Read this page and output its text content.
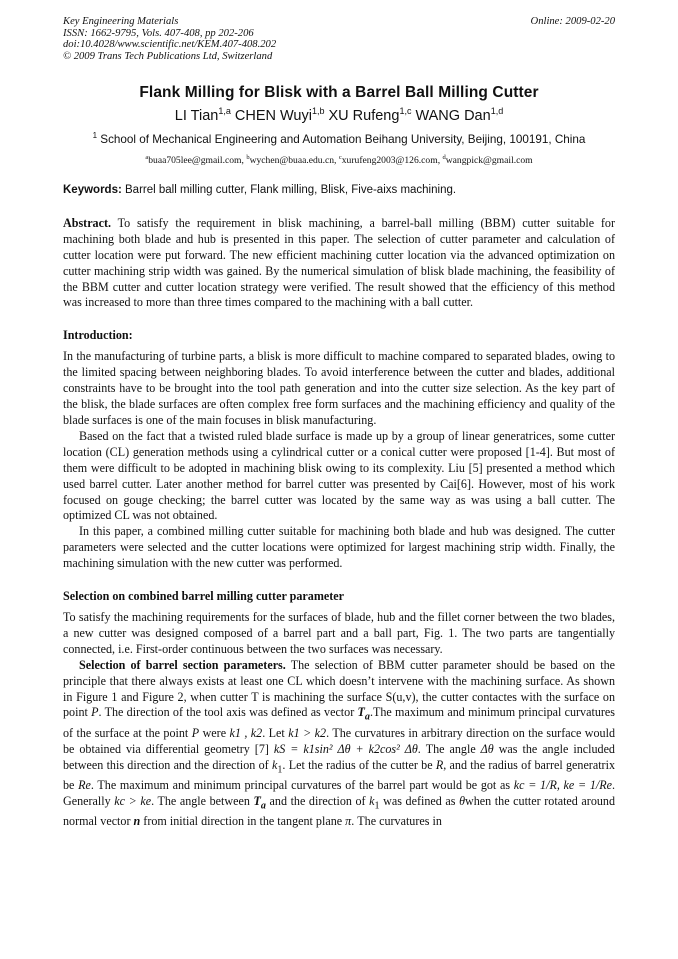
Key Engineering Materials
ISSN: 1662-9795, Vols. 407-408, pp 202-206
doi:10.4028/www.scientific.net/KEM.407-408.202
© 2009 Trans Tech Publications Ltd, Switzerland
Online: 2009-02-20
Flank Milling for Blisk with a Barrel Ball Milling Cutter
LI Tian$^{1,a}$ CHEN Wuyi$^{1,b}$ XU Rufeng$^{1,c}$ WANG Dan$^{1,d}$
$^1$ School of Mechanical Engineering and Automation Beihang University, Beijing, 100191, China
$^a$buaa705lee@gmail.com, $^b$wychen@buaa.edu.cn, $^c$xurufeng2003@126.com, $^d$wangpick@gmail.com
Keywords: Barrel ball milling cutter, Flank milling, Blisk, Five-aixs machining.
Abstract. To satisfy the requirement in blisk machining, a barrel-ball milling (BBM) cutter suitable for machining both blade and hub is presented in this paper. The selection of cutter parameter and calculation of cutter location were put forward. The new efficient machining cutter location via the advanced optimization on cutter machining strip width was gained. By the numerical simulation of blisk blade machining, the feasibility of the BBM cutter and cutter location strategy were verified. The result showed that the efficiency of this method was increased to more than three times compared to the machining with a ball cutter.
Introduction:

In the manufacturing of turbine parts, a blisk is more difficult to machine compared to separated blades, owing to the limited spacing between neighboring blades. To avoid interference between the cutter and blades, additional constraints have to be brought into the tool path generation and into the cutter size selection. As the key part of the blisk, the blade surfaces are often complex free form surfaces and the machining efficiency and quality of the blade surfaces is one of the main focuses in blisk manufacturing.

Based on the fact that a twisted ruled blade surface is made up by a group of linear generatrices, some cutter location (CL) generation methods using a cylindrical cutter or a conical cutter were proposed [1-4]. But most of them were difficult to be adopted in machining blisk owing to its complexity. Liu [5] presented a method which used barrel cutter. Later another method for barrel cutter was presented by Cai[6]. However, most of his work focused on gouge checking; the barrel cutter was located by the same way as was using a ball cutter. The optimized CL was not obtained.

In this paper, a combined milling cutter suitable for machining both blade and hub was designed. The cutter parameters were selected and the cutter locations were optimized for largest machining strip width. Finally, the machining simulation with the new cutter was performed.

Selection on combined barrel milling cutter parameter

To satisfy the machining requirements for the surfaces of blade, hub and the fillet corner between the two blades, a new cutter was designed composed of a barrel part and a ball part, Fig. 1. The two parts are tangentially connected, i.e. First-order continuous between the two surfaces was necessary.

Selection of barrel section parameters. The selection of BBM cutter parameter should be based on the principle that there always exists at least one CL which doesn’t intervene with the machining surface. As shown in Figure 1 and Figure 2, when cutter T is machining the surface S(u,v), the cutter contactes with the surface on point P. The direction of the tool axis was defined as vector $T_a.The$ maximum and minimum principal curvatures of the surface at the point P were k1 , k2. Let k1 > k2. The curvatures in arbitrary direction on the surface would be obtained via differential geometry [7] kS = k1sin² Δθ + k2cos² Δθ. The angle Δθ was the angle included between this direction and the direction of $k_1$. Let the radius of the cutter be R, and the radius of barrel generatrix be Re. The maximum and minimum principal curvatures of the barrel part would be got as kc = 1/R, ke = 1/Re. Generally kc > ke. The angle between $T_a$ and the direction of $k_1$ was defined as θwhen the cutter rotated around normal vector n from initial direction in the tangent plane π. The curvatures in
